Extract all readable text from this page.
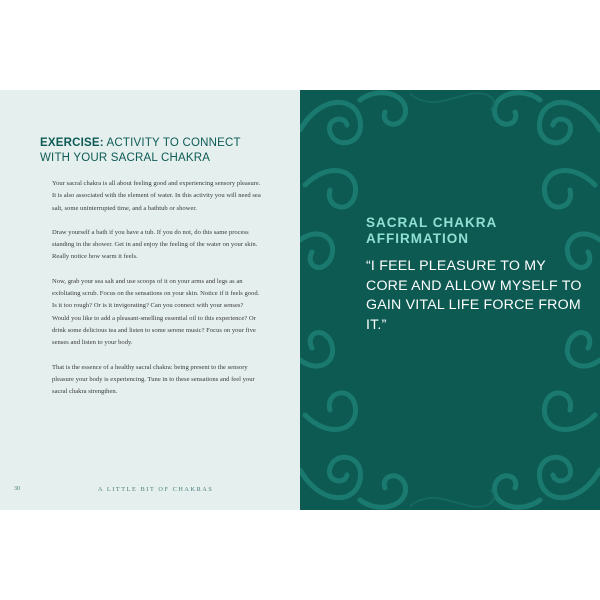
EXERCISE: ACTIVITY TO CONNECT WITH YOUR SACRAL CHAKRA

Your sacral chakra is all about feeling good and experiencing sensory pleasure. It is also associated with the element of water. In this activity you will need sea salt, some uninterrupted time, and a bathtub or shower.

Draw yourself a bath if you have a tub. If you do not, do this same process standing in the shower. Get in and enjoy the feeling of the water on your skin. Really notice how warm it feels.

Now, grab your sea salt and use scoops of it on your arms and legs as an exfoliating scrub. Focus on the sensations on your skin. Notice if it feels good. Is it too rough? Or is it invigorating? Can you connect with your senses? Would you like to add a pleasant-smelling essential oil to this experience? Or drink some delicious tea and listen to some serene music? Focus on your five senses and listen to your body.

That is the essence of a healthy sacral chakra: being present to the sensory pleasure your body is experiencing. Tune in to these sensations and feel your sacral chakra strengthen.

30	A LITTLE BIT OF CHAKRAS
SACRAL CHAKRA AFFIRMATION
“I FEEL PLEASURE TO MY CORE AND ALLOW MYSELF TO GAIN VITAL LIFE FORCE FROM IT.”
